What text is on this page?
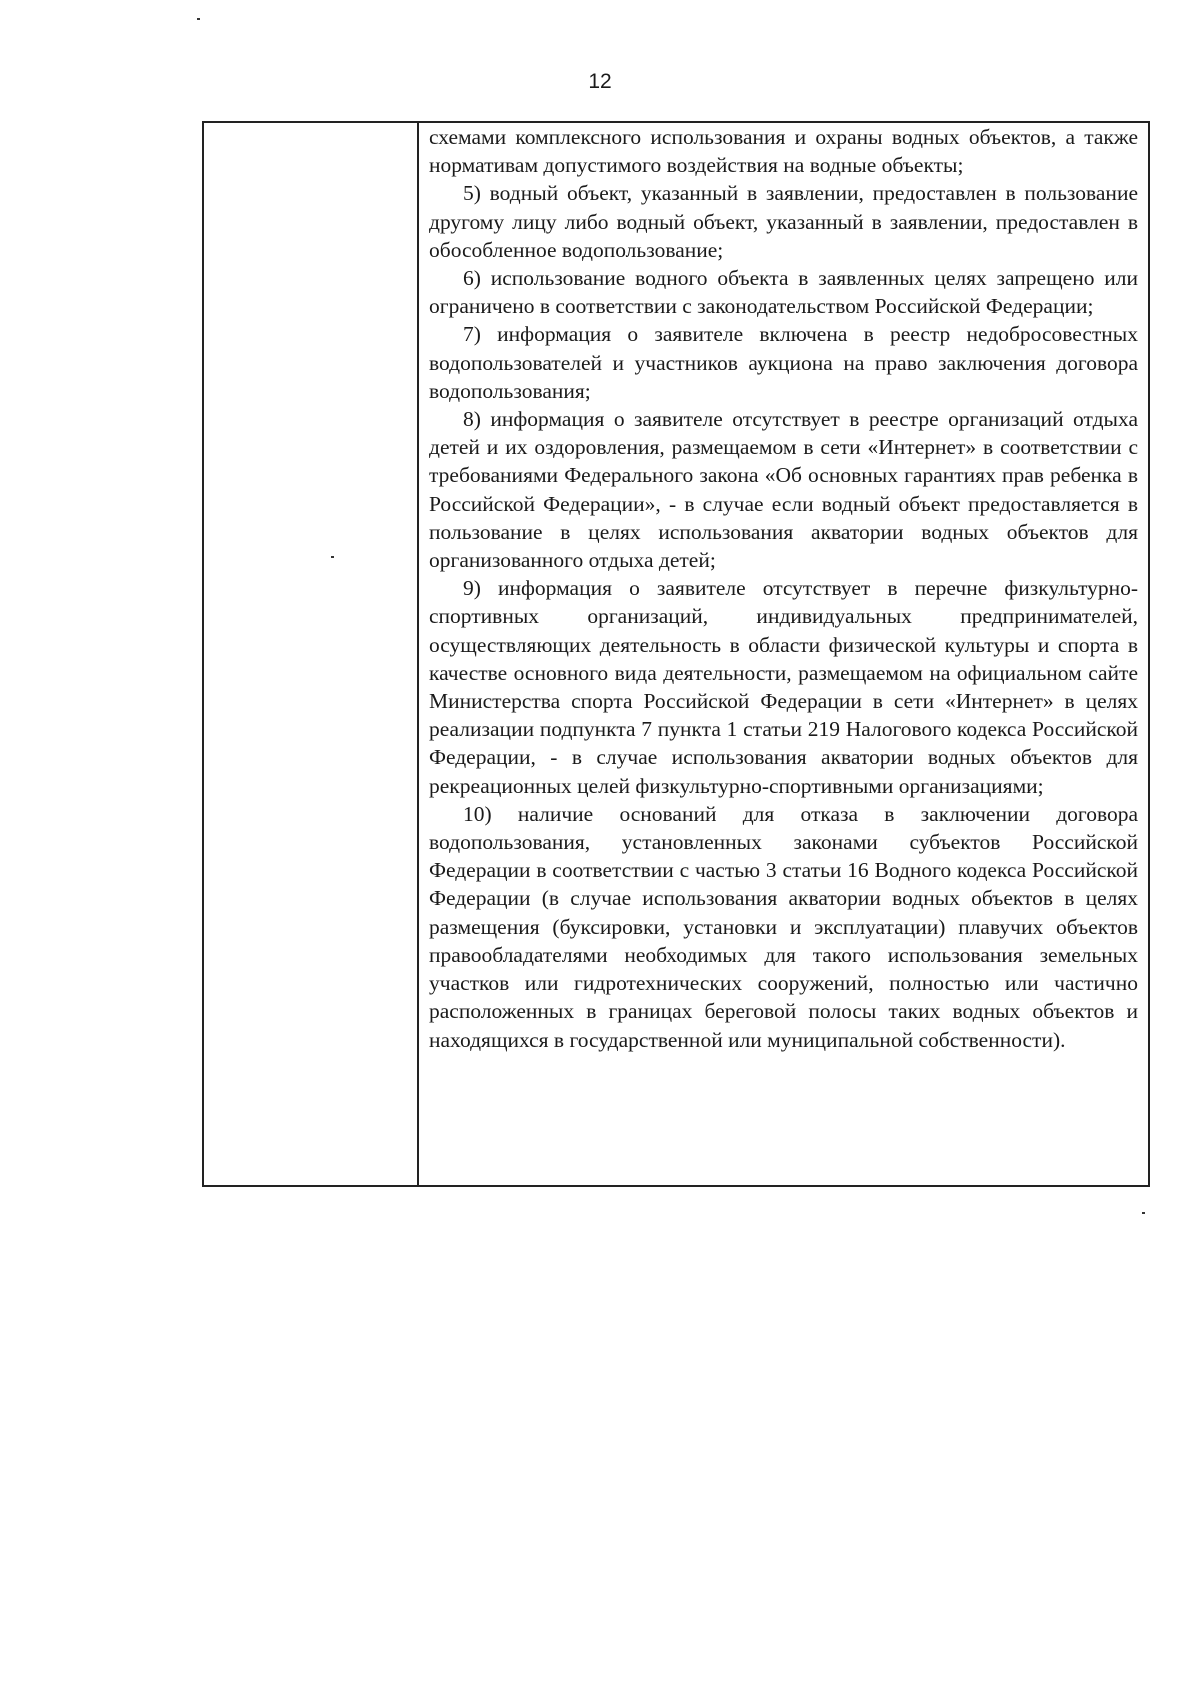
12

схемами комплексного использования и охраны водных объектов, а также нормативам допустимого воздействия на водные объекты;

5) водный объект, указанный в заявлении, предоставлен в пользование другому лицу либо водный объект, указанный в заявлении, предоставлен в обособленное водопользование;

6) использование водного объекта в заявленных целях запрещено или ограничено в соответствии с законодательством Российской Федерации;

7) информация о заявителе включена в реестр недобросовестных водопользователей и участников аукциона на право заключения договора водопользования;

8) информация о заявителе отсутствует в реестре организаций отдыха детей и их оздоровления, размещаемом в сети «Интернет» в соответствии с требованиями Федерального закона «Об основных гарантиях прав ребенка в Российской Федерации», - в случае если водный объект предоставляется в пользование в целях использования акватории водных объектов для организованного отдыха детей;

9) информация о заявителе отсутствует в перечне физкультурно-спортивных организаций, индивидуальных предпринимателей, осуществляющих деятельность в области физической культуры и спорта в качестве основного вида деятельности, размещаемом на официальном сайте Министерства спорта Российской Федерации в сети «Интернет» в целях реализации подпункта 7 пункта 1 статьи 219 Налогового кодекса Российской Федерации, - в случае использования акватории водных объектов для рекреационных целей физкультурно-спортивными организациями;

10) наличие оснований для отказа в заключении договора водопользования, установленных законами субъектов Российской Федерации в соответствии с частью 3 статьи 16 Водного кодекса Российской Федерации (в случае использования акватории водных объектов в целях размещения (буксировки, установки и эксплуатации) плавучих объектов правообладателями необходимых для такого использования земельных участков или гидротехнических сооружений, полностью или частично расположенных в границах береговой полосы таких водных объектов и находящихся в государственной или муниципальной собственности).
